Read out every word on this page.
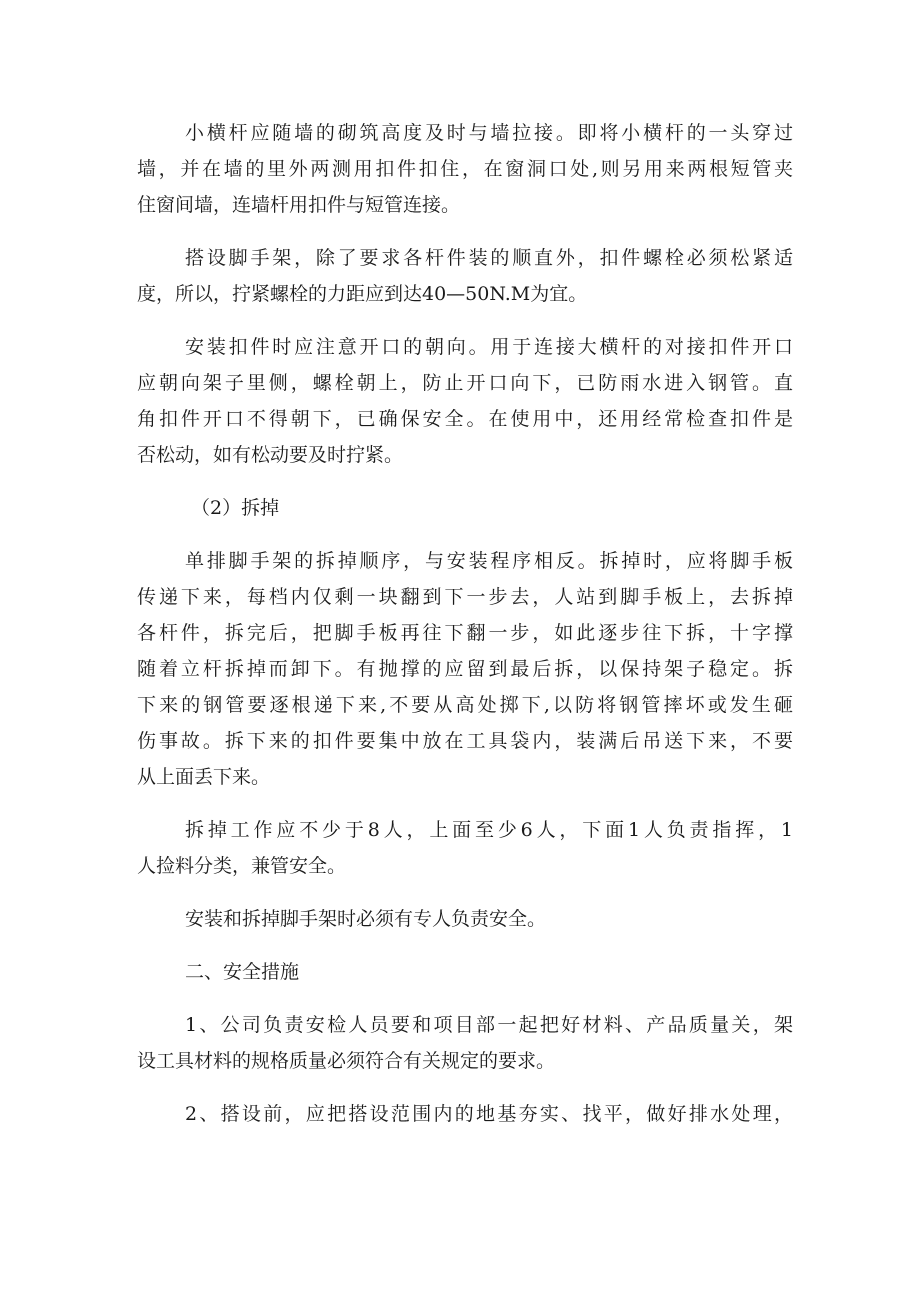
小横杆应随墙的砌筑高度及时与墙拉接。即将小横杆的一头穿过
墙，并在墙的里外两测用扣件扣住，在窗洞口处,则另用来两根短管夹
住窗间墙，连墙杆用扣件与短管连接。
搭设脚手架，除了要求各杆件装的顺直外，扣件螺栓必须松紧适
度，所以，拧紧螺栓的力距应到达40—50N.M为宜。
安装扣件时应注意开口的朝向。用于连接大横杆的对接扣件开口
应朝向架子里侧，螺栓朝上，防止开口向下，已防雨水进入钢管。直
角扣件开口不得朝下，已确保安全。在使用中，还用经常检查扣件是
否松动，如有松动要及时拧紧。
（2）拆掉
单排脚手架的拆掉顺序，与安装程序相反。拆掉时，应将脚手板
传递下来，每档内仅剩一块翻到下一步去，人站到脚手板上，去拆掉
各杆件，拆完后，把脚手板再往下翻一步，如此逐步往下拆，十字撑
随着立杆拆掉而卸下。有抛撑的应留到最后拆，以保持架子稳定。拆
下来的钢管要逐根递下来,不要从高处掷下,以防将钢管摔坏或发生砸
伤事故。拆下来的扣件要集中放在工具袋内，装满后吊送下来，不要
从上面丢下来。
拆掉工作应不少于8人，上面至少6人，下面1人负责指挥，1
人捡料分类，兼管安全。
安装和拆掉脚手架时必须有专人负责安全。
二、安全措施
1、公司负责安检人员要和项目部一起把好材料、产品质量关，架
设工具材料的规格质量必须符合有关规定的要求。
2、搭设前，应把搭设范围内的地基夯实、找平，做好排水处理，
